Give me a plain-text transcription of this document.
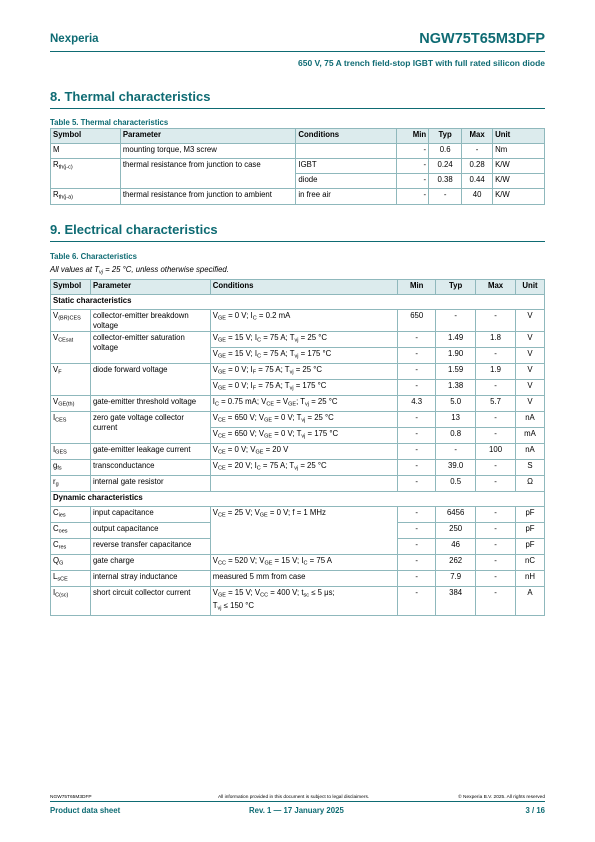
Nexperia	NGW75T65M3DFP
650 V, 75 A trench field-stop IGBT with full rated silicon diode
8. Thermal characteristics
Table 5. Thermal characteristics
Symbol	Parameter	Conditions	Min	Typ	Max	Unit
M	mounting torque, M3 screw		-	0.6	-	Nm
$R_{th(j-c)}$	thermal resistance from junction to case	IGBT	-	0.24	0.28	K/W
		diode	-	0.38	0.44	K/W
$R_{th(j-a)}$	thermal resistance from junction to ambient	in free air	-	-	40	K/W
9. Electrical characteristics
Table 6. Characteristics
All values at $T_{vj} = 25$ °C, unless otherwise specified.
Symbol	Parameter	Conditions	Min	Typ	Max	Unit
Static characteristics						
$V_{(BR)CES}$	collector-emitter breakdown voltage	$V_{GE} = 0$ V; $I_C = 0.2$ mA	650	-	-	V
$V_{CEsat}$	collector-emitter saturation voltage	$V_{GE} = 15$ V; $I_C = 75$ A; $T_{vj} = 25$ °C	-	1.49	1.8	V
		$V_{GE} = 15$ V; $I_C = 75$ A; $T_{vj} = 175$ °C	-	1.90	-	V
$V_F$	diode forward voltage	$V_{GE} = 0$ V; $I_F = 75$ A; $T_{vj} = 25$ °C	-	1.59	1.9	V
		$V_{GE} = 0$ V; $I_F = 75$ A; $T_{vj} = 175$ °C	-	1.38	-	V
$V_{GE(th)}$	gate-emitter threshold voltage	$I_C = 0.75$ mA; $V_{CE} = V_{GE}$; $T_{vj} = 25$ °C	4.3	5.0	5.7	V
$I_{CES}$	zero gate voltage collector current	$V_{CE} = 650$ V; $V_{GE} = 0$ V; $T_{vj} = 25$ °C	-	13	-	nA
		$V_{CE} = 650$ V; $V_{GE} = 0$ V; $T_{vj} = 175$ °C	-	0.8	-	mA
$I_{GES}$	gate-emitter leakage current	$V_{CE} = 0$ V; $V_{GE} = 20$ V	-	-	100	nA
$g_{fs}$	transconductance	$V_{CE} = 20$ V; $I_C = 75$ A; $T_{vj} = 25$ °C	-	39.0	-	S
$r_g$	internal gate resistor		-	0.5	-	Ω
Dynamic characteristics						
$C_{ies}$	input capacitance	$V_{CE} = 25$ V; $V_{GE} = 0$ V; f = 1 MHz	-	6456	-	pF
$C_{oes}$	output capacitance		-	250	-	pF
$C_{res}$	reverse transfer capacitance		-	46	-	pF
$Q_G$	gate charge	$V_{CC} = 520$ V; $V_{GE} = 15$ V; $I_C = 75$ A	-	262	-	nC
$L_{sCE}$	internal stray inductance	measured 5 mm from case	-	7.9	-	nH
$I_{C(sc)}$	short circuit collector current	$V_{GE} = 15$ V; $V_{CC} = 400$ V; $t_{sc} \le 5$ μs;
$T_{vj} \le 150$ °C	-	384	-	A
NGW75T65M3DFP	All information provided in this document is subject to legal disclaimers.	© Nexperia B.V. 2025. All rights reserved
Product data sheet	Rev. 1 — 17 January 2025	3 / 16
